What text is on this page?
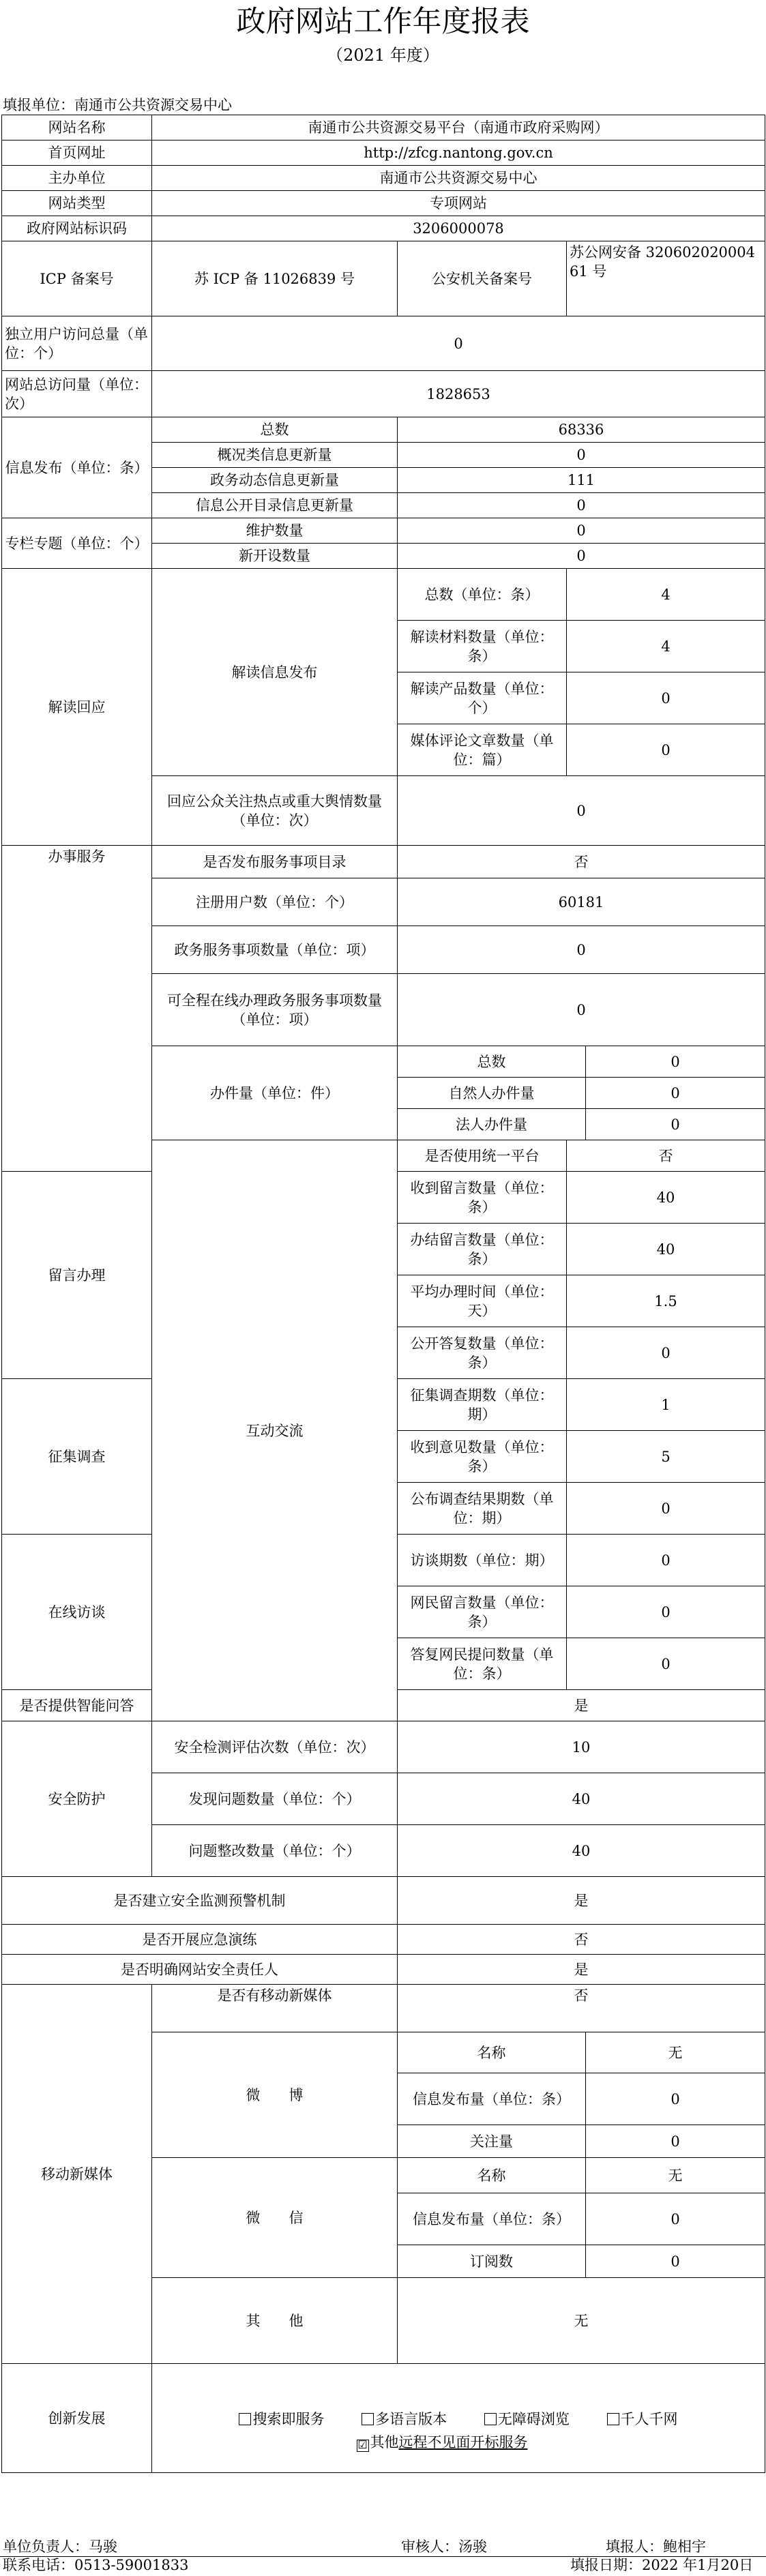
政府网站工作年度报表
（2021 年度）
填报单位：南通市公共资源交易中心
网站名称	南通市公共资源交易平台（南通市政府采购网）			
首页网址	http://zfcg.nantong.gov.cn			
主办单位	南通市公共资源交易中心			
网站类型	专项网站			
政府网站标识码	3206000078			
ICP 备案号	苏 ICP 备 11026839 号	公安机关备案号	苏公网安备 32060202000461 号	
独立用户访问总量（单位：个）	0			
网站总访问量（单位：次）	1828653			
信息发布（单位：条）	总数	68336		
	概况类信息更新量	0		
	政务动态信息更新量	111		
	信息公开目录信息更新量	0		
专栏专题（单位：个）	维护数量	0		
	新开设数量	0		
解读回应	解读信息发布	总数（单位：条）	4	
		解读材料数量（单位：条）	4	
		解读产品数量（单位：个）	0	
		媒体评论文章数量（单位：篇）	0	
	回应公众关注热点或重大舆情数量（单位：次）	0		
办事服务	是否发布服务事项目录	否		
	注册用户数（单位：个）	60181		
	政务服务事项数量（单位：项）	0		
	可全程在线办理政务服务事项数量（单位：项）	0		
	办件量（单位：件）	总数		0
		自然人办件量		0
		法人办件量		0
	互动交流	是否使用统一平台	否	
留言办理		收到留言数量（单位：条）	40	
		办结留言数量（单位：条）	40	
		平均办理时间（单位：天）	1.5	
		公开答复数量（单位：条）	0	
征集调查		征集调查期数（单位：期）	1	
		收到意见数量（单位：条）	5	
		公布调查结果期数（单位：期）	0	
在线访谈		访谈期数（单位：期）	0	
		网民留言数量（单位：条）	0	
		答复网民提问数量（单位：条）	0	
是否提供智能问答		是		
安全防护	安全检测评估次数（单位：次）	10		
	发现问题数量（单位：个）	40		
	问题整改数量（单位：个）	40		
是否建立安全监测预警机制		是		
是否开展应急演练		否		
是否明确网站安全责任人		是		
移动新媒体	是否有移动新媒体	否		
	微　　博	名称		无
		信息发布量（单位：条）		0
		关注量		0
	微　　信	名称		无
		信息发布量（单位：条）		0
		订阅数		0
	其　　他	无		
创新发展	搜索即服务 多语言版本 无障碍浏览 千人千网
☑ 其他远程不见面开标服务			
单位负责人：马骏	审核人：汤骏	填报人：鲍相宇
联系电话：0513-59001833	填报日期：2022 年1月20日
